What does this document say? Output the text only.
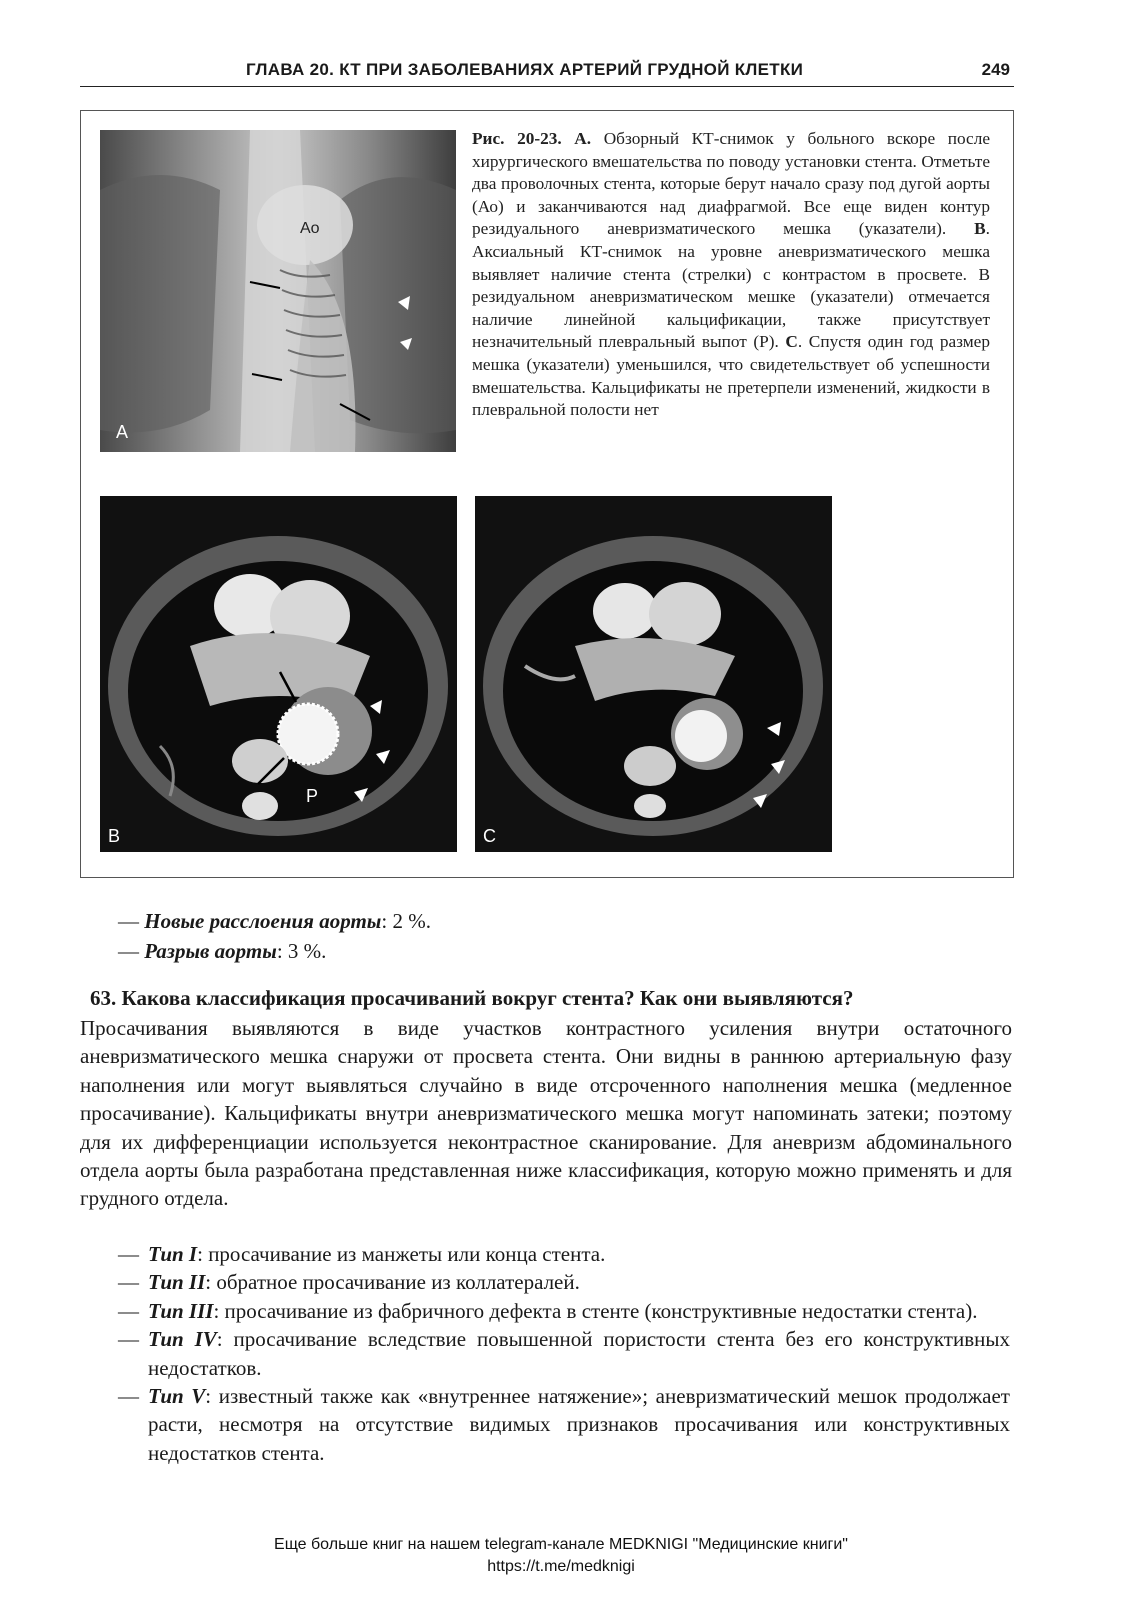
ГЛАВА 20. КТ ПРИ ЗАБОЛЕВАНИЯХ АРТЕРИЙ ГРУДНОЙ КЛЕТКИ	249
Ao
A
Рис. 20-23. А. Обзорный КТ-снимок у больного вскоре после хирургического вмешательства по поводу установки стента. Отметьте два проволочных стента, которые берут начало сразу под дугой аорты (Ао) и заканчиваются над диафрагмой. Все еще виден контур резидуального аневризматического мешка (указатели). B. Аксиальный КТ-снимок на уровне аневризматического мешка выявляет наличие стента (стрелки) с контрастом в просвете. В резидуальном аневризматическом мешке (указатели) отмечается наличие линейной кальцификации, также присутствует незначительный плевральный выпот (Р). С. Спустя один год размер мешка (указатели) уменьшился, что свидетельствует об успешности вмешательства. Кальцификаты не претерпели изменений, жидкости в плевральной полости нет
P
B	C
— Новые расслоения аорты: 2 %.
— Разрыв аорты: 3 %.
63. Какова классификация просачиваний вокруг стента? Как они выявляются?
Просачивания выявляются в виде участков контрастного усиления внутри остаточного аневризматического мешка снаружи от просвета стента. Они видны в раннюю артериальную фазу наполнения или могут выявляться случайно в виде отсроченного наполнения мешка (медленное просачивание). Кальцификаты внутри аневризматического мешка могут напоминать затеки; поэтому для их дифференциации используется неконтрастное сканирование. Для аневризм абдоминального отдела аорты была разработана представленная ниже классификация, которую можно применять и для грудного отдела.
— Тип I: просачивание из манжеты или конца стента.
— Тип II: обратное просачивание из коллатералей.
— Тип III: просачивание из фабричного дефекта в стенте (конструктивные недостатки стента).
— Тип IV: просачивание вследствие повышенной пористости стента без его конструктивных недостатков.
— Тип V: известный также как «внутреннее натяжение»; аневризматический мешок продолжает расти, несмотря на отсутствие видимых признаков просачивания или конструктивных недостатков стента.
Еще больше книг на нашем telegram-канале MEDKNIGI "Медицинские книги"
https://t.me/medknigi
